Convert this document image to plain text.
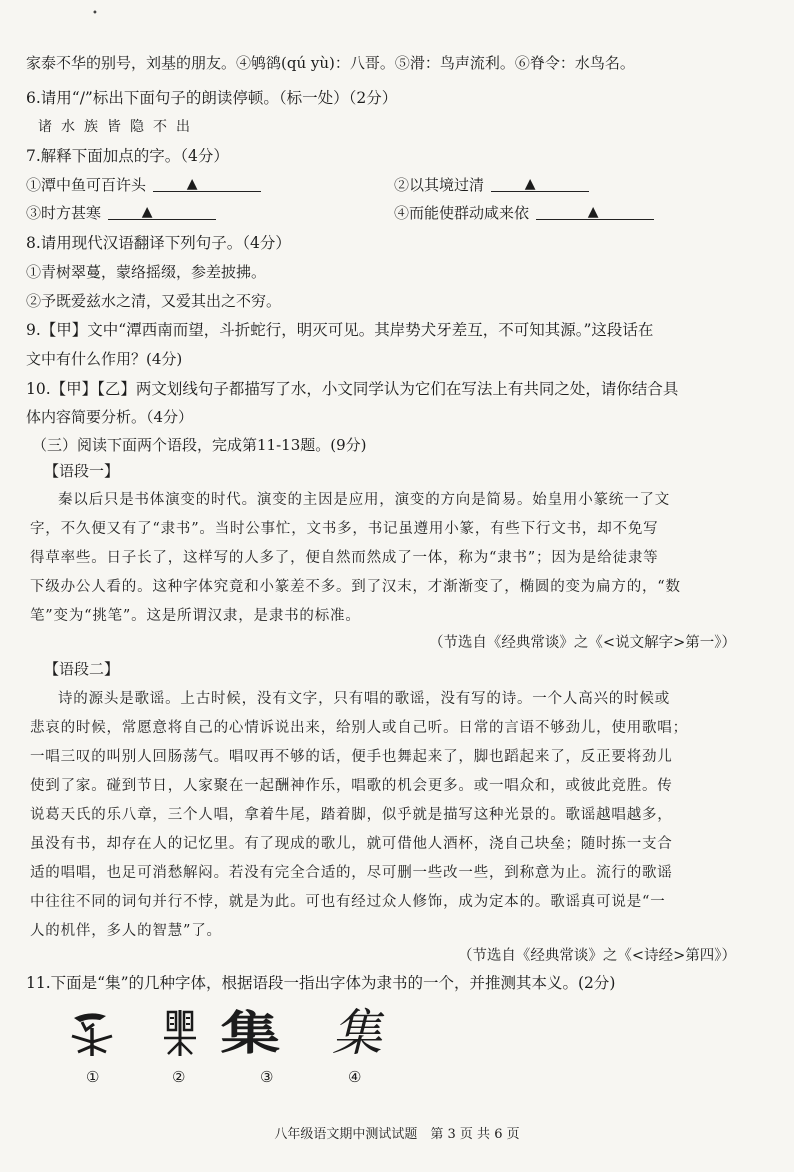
•
家泰不华的别号，刘基的朋友。④鸲鹆(qú yù)：八哥。⑤滑：鸟声流利。⑥脊令：水鸟名。
6.请用“/”标出下面句子的朗读停顿。（标一处）（2分）
诸水族皆隐不出
7.解释下面加点的字。（4分）
①潭中鱼可百许头	▲	②以其境过清	▲
③时方甚寒	▲	④而能使群动咸来依	▲
8.请用现代汉语翻译下列句子。（4分）
①青树翠蔓，蒙络摇缀，参差披拂。
②予既爱兹水之清，又爱其出之不穷。
9.【甲】文中“潭西南而望，斗折蛇行，明灭可见。其岸势犬牙差互，不可知其源。”这段话在
文中有什么作用？(4分)
10.【甲】【乙】两文划线句子都描写了水，小文同学认为它们在写法上有共同之处，请你结合具
体内容简要分析。（4分）
（三）阅读下面两个语段，完成第11-13题。(9分)
【语段一】
秦以后只是书体演变的时代。演变的主因是应用，演变的方向是简易。始皇用小篆统一了文
字，不久便又有了“隶书”。当时公事忙，文书多，书记虽遵用小篆，有些下行文书，却不免写
得草率些。日子长了，这样写的人多了，便自然而然成了一体，称为“隶书”；因为是给徒隶等
下级办公人看的。这种字体究竟和小篆差不多。到了汉末，才渐渐变了，椭圆的变为扁方的，“数
笔”变为“挑笔”。这是所谓汉隶，是隶书的标准。
（节选自《经典常谈》之《<说文解字>第一》）
【语段二】
诗的源头是歌谣。上古时候，没有文字，只有唱的歌谣，没有写的诗。一个人高兴的时候或
悲哀的时候，常愿意将自己的心情诉说出来，给别人或自己听。日常的言语不够劲儿，使用歌唱；
一唱三叹的叫别人回肠荡气。唱叹再不够的话，便手也舞起来了，脚也蹈起来了，反正要将劲儿
使到了家。碰到节日，人家聚在一起酬神作乐，唱歌的机会更多。或一唱众和，或彼此竞胜。传
说葛天氏的乐八章，三个人唱，拿着牛尾，踏着脚，似乎就是描写这种光景的。歌谣越唱越多，
虽没有书，却存在人的记忆里。有了现成的歌儿，就可借他人酒杯，浇自己块垒；随时拣一支合
适的唱唱，也足可消愁解闷。若没有完全合适的，尽可删一些改一些，到称意为止。流行的歌谣
中往往不同的词句并行不悖，就是为此。可也有经过众人修饰，成为定本的。歌谣真可说是“一
人的机伴，多人的智慧”了。
（节选自《经典常谈》之《<诗经>第四》）
11.下面是“集”的几种字体，根据语段一指出字体为隶书的一个，并推测其本义。(2分)
集	集
①	②	③	④
八年级语文期中测试试题　第 3 页 共 6 页
